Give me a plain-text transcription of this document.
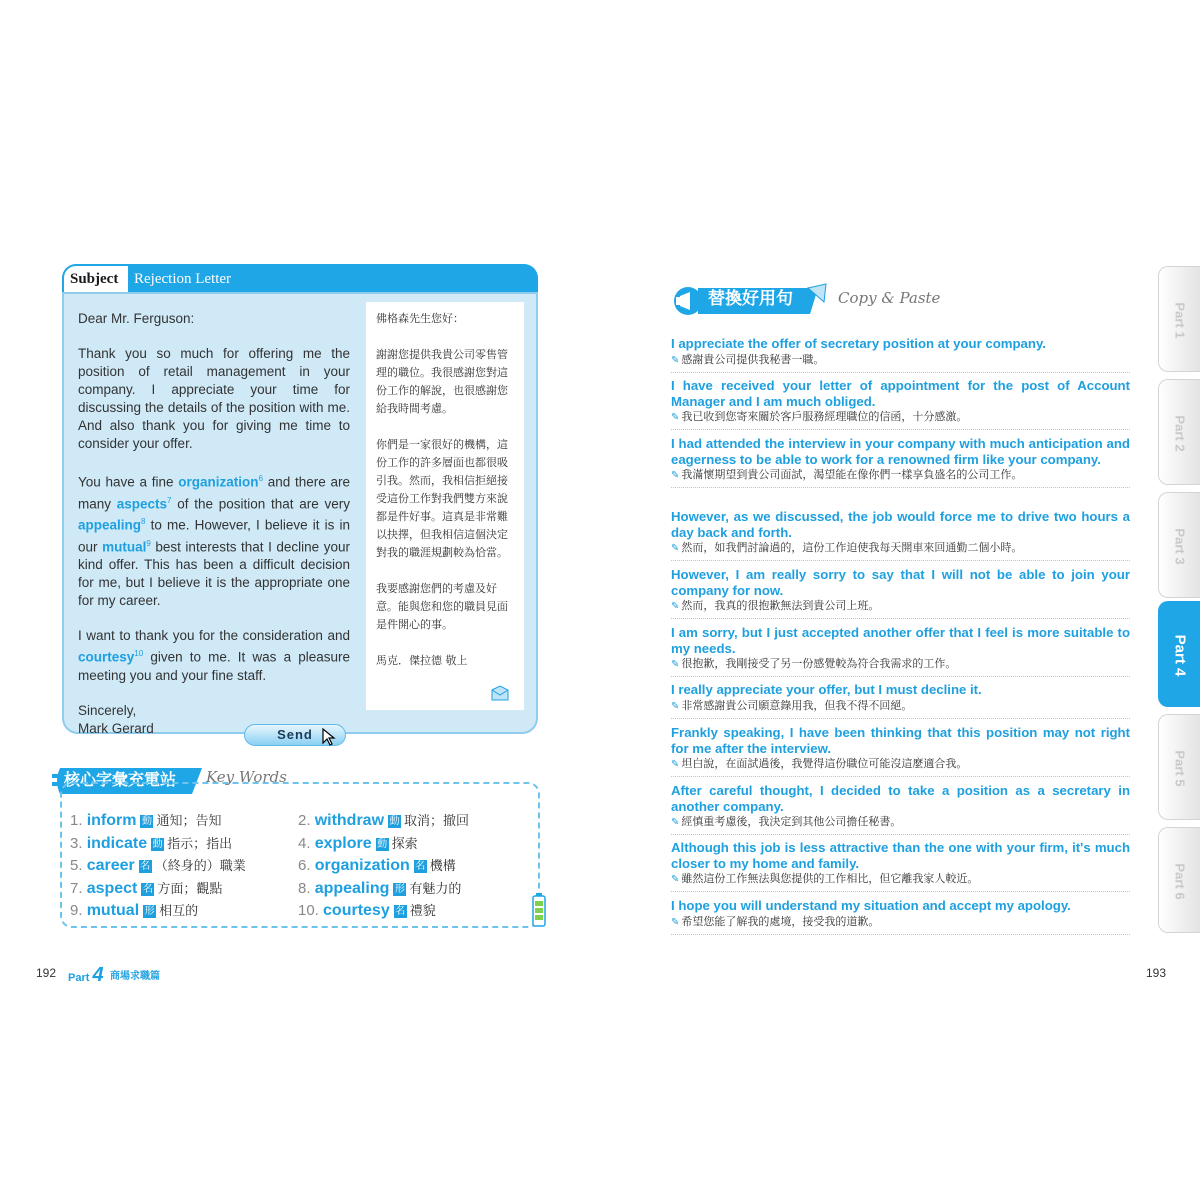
Subject	Rejection Letter

Dear Mr. Ferguson:

Thank you so much for offering me the position of retail management in your company. I appreciate your time for discussing the details of the position with me. And also thank you for giving me time to consider your offer.

You have a fine organization$^6$ and there are many aspects$^7$ of the position that are very appealing$^8$ to me. However, I believe it is in our mutual$^9$ best interests that I decline your kind offer. This has been a difficult decision for me, but I believe it is the appropriate one for my career.

I want to thank you for the consideration and courtesy$^{10}$ given to me. It was a pleasure meeting you and your fine staff.

Sincerely,

Mark Gerard

佛格森先生您好：

謝謝您提供我貴公司零售管理的職位。我很感謝您對這份工作的解說，也很感謝您給我時間考慮。

你們是一家很好的機構，這份工作的許多層面也都很吸引我。然而，我相信拒絕接受這份工作對我們雙方來說都是件好事。這真是非常難以抉擇，但我相信這個決定對我的職涯規劃較為恰當。

我要感謝您們的考慮及好意。能與您和您的職員見面是件開心的事。

馬克．傑拉德 敬上

Send
核心字彙充電站 Key Words
1. inform 動 通知；告知	2. withdraw 動 取消；撤回
3. indicate 動 指示；指出	4. explore 動 探索
5. career 名 （終身的）職業	6. organization 名 機構
7. aspect 名 方面；觀點	8. appealing 形 有魅力的
9. mutual 形 相互的	10. courtesy 名 禮貌
192 Part 4 商場求職篇
替換好用句	Copy & Paste
I appreciate the offer of secretary position at your company.
✎ 感謝貴公司提供我秘書一職。
I have received your letter of appointment for the post of Account Manager and I am much obliged.
✎ 我已收到您寄來關於客戶服務經理職位的信函，十分感激。
I had attended the interview in your company with much anticipation and eagerness to be able to work for a renowned firm like your company.
✎ 我滿懷期望到貴公司面試，渴望能在像你們一樣享負盛名的公司工作。
However, as we discussed, the job would force me to drive two hours a day back and forth.
✎ 然而，如我們討論過的，這份工作迫使我每天開車來回通勤二個小時。
However, I am really sorry to say that I will not be able to join your company for now.
✎ 然而，我真的很抱歉無法到貴公司上班。
I am sorry, but I just accepted another offer that I feel is more suitable to my needs.
✎ 很抱歉，我剛接受了另一份感覺較為符合我需求的工作。
I really appreciate your offer, but I must decline it.
✎ 非常感謝貴公司願意錄用我，但我不得不回絕。
Frankly speaking, I have been thinking that this position may not right for me after the interview.
✎ 坦白說，在面試過後，我覺得這份職位可能沒這麼適合我。
After careful thought, I decided to take a position as a secretary in another company.
✎ 經慎重考慮後，我決定到其他公司擔任秘書。
Although this job is less attractive than the one with your firm, it's much closer to my home and family.
✎ 雖然這份工作無法與您提供的工作相比，但它離我家人較近。
I hope you will understand my situation and accept my apology.
✎ 希望您能了解我的處境，接受我的道歉。
Part 1
Part 2
Part 3
Part 4
Part 5
Part 6
193
